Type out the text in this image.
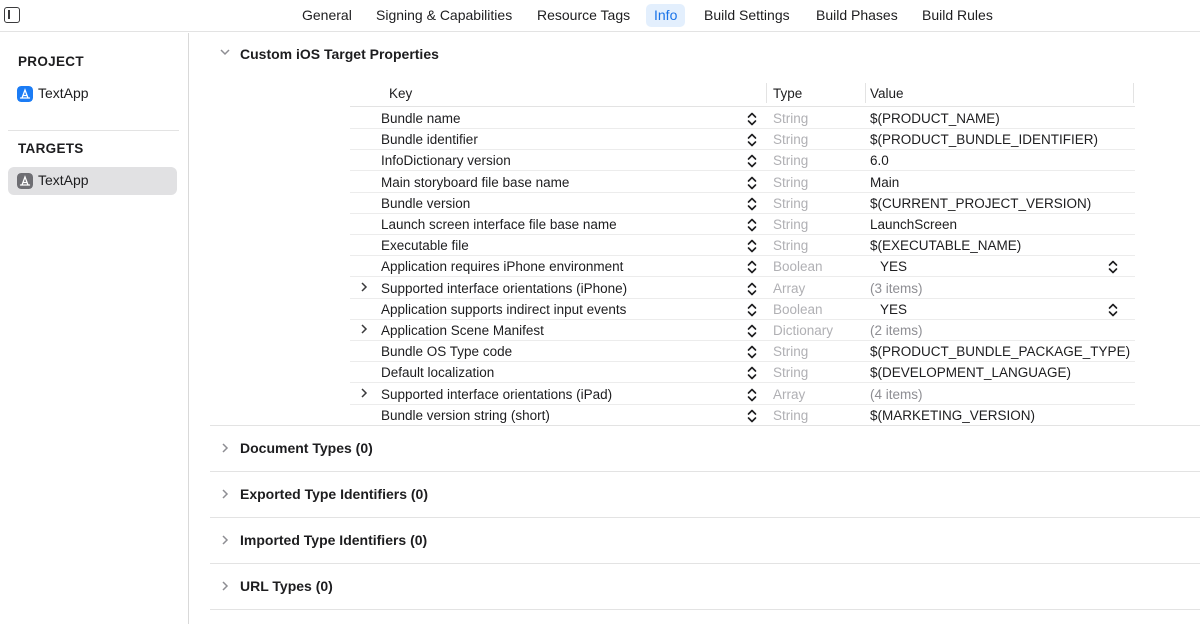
General	Signing & Capabilities	Resource Tags	Info	Build Settings	Build Phases	Build Rules
PROJECT
TextApp
TARGETS
TextApp
Custom iOS Target Properties
Key	Type	Value
Bundle name	String	$(PRODUCT_NAME)
Bundle identifier	String	$(PRODUCT_BUNDLE_IDENTIFIER)
InfoDictionary version	String	6.0
Main storyboard file base name	String	Main
Bundle version	String	$(CURRENT_PROJECT_VERSION)
Launch screen interface file base name	String	LaunchScreen
Executable file	String	$(EXECUTABLE_NAME)
Application requires iPhone environment	Boolean	YES
Supported interface orientations (iPhone)	Array	(3 items)
Application supports indirect input events	Boolean	YES
Application Scene Manifest	Dictionary	(2 items)
Bundle OS Type code	String	$(PRODUCT_BUNDLE_PACKAGE_TYPE)
Default localization	String	$(DEVELOPMENT_LANGUAGE)
Supported interface orientations (iPad)	Array	(4 items)
Bundle version string (short)	String	$(MARKETING_VERSION)
Document Types (0)
Exported Type Identifiers (0)
Imported Type Identifiers (0)
URL Types (0)
